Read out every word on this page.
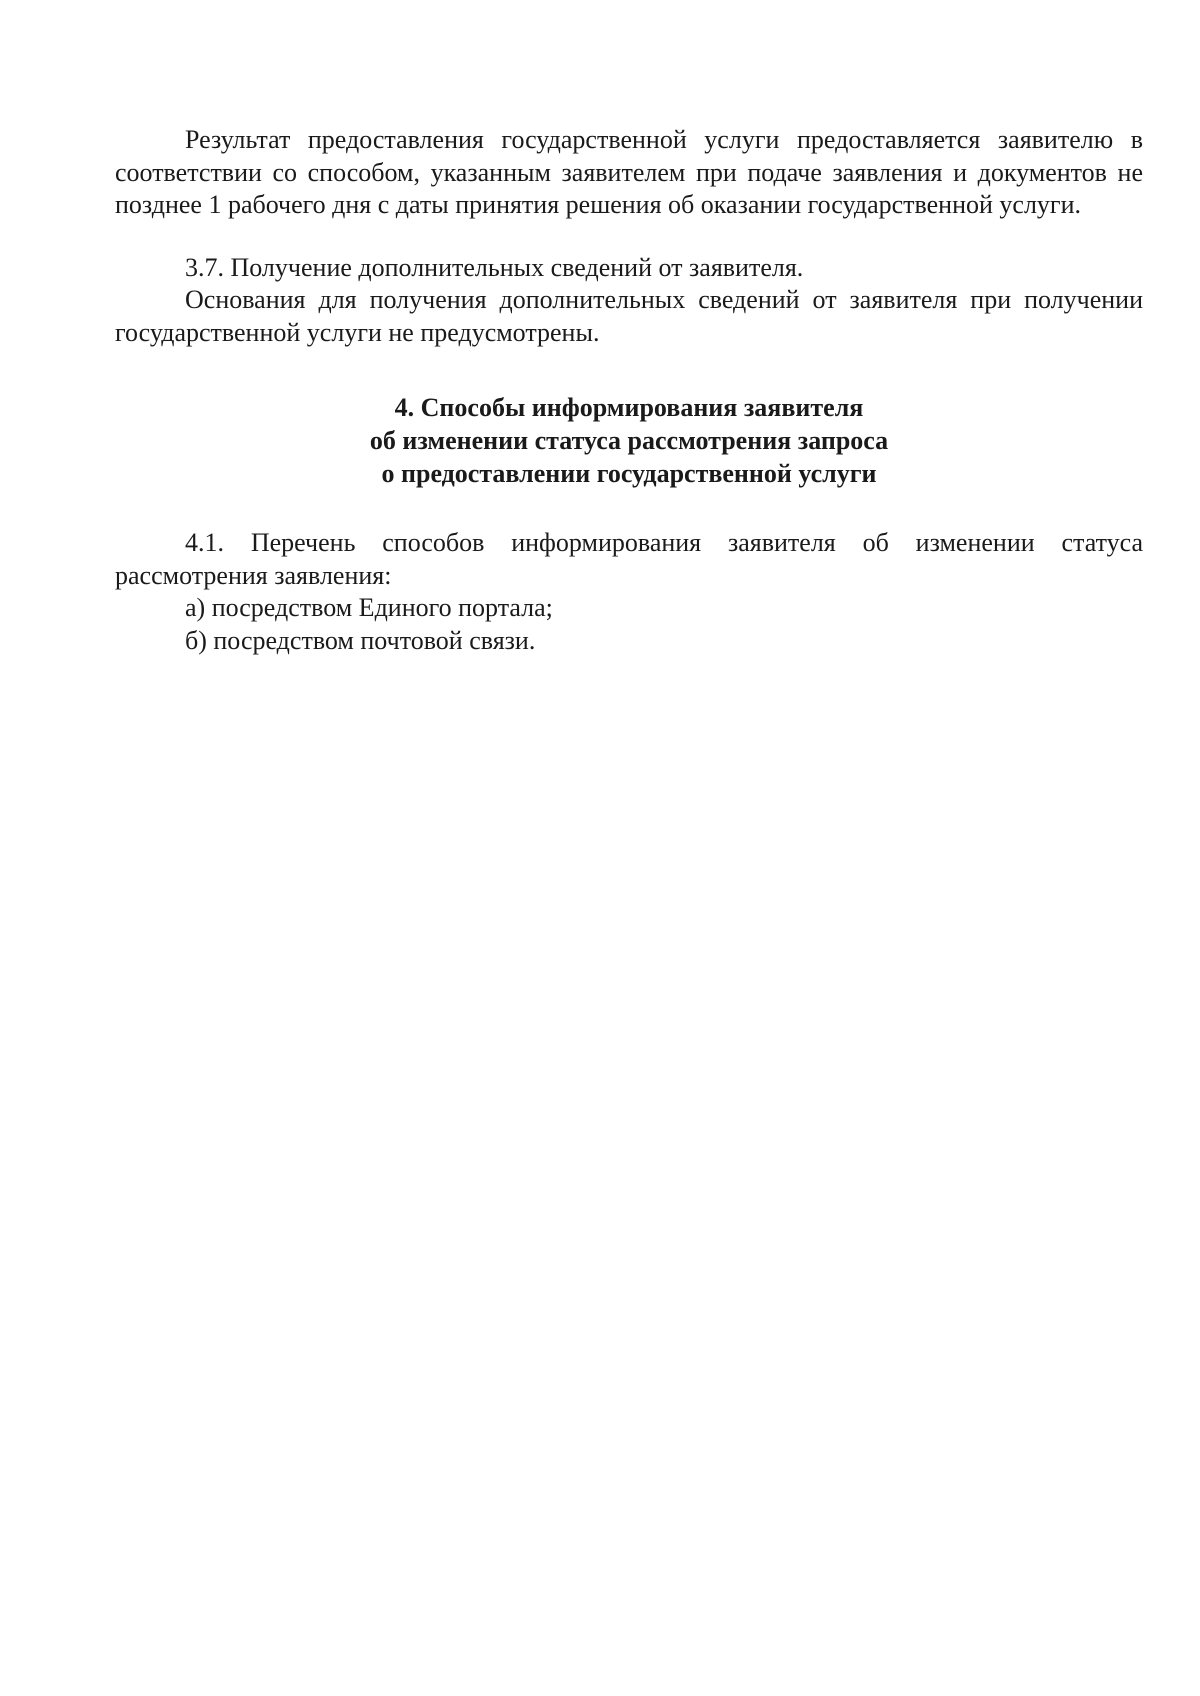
Результат предоставления государственной услуги предоставляется заявителю в соответствии со способом, указанным заявителем при подаче заявления и документов не позднее 1 рабочего дня с даты принятия решения об оказании государственной услуги.

3.7. Получение дополнительных сведений от заявителя.

Основания для получения дополнительных сведений от заявителя при получении государственной услуги не предусмотрены.

4. Способы информирования заявителя
об изменении статуса рассмотрения запроса
о предоставлении государственной услуги

4.1. Перечень способов информирования заявителя об изменении статуса рассмотрения заявления:

а) посредством Единого портала;

б) посредством почтовой связи.
